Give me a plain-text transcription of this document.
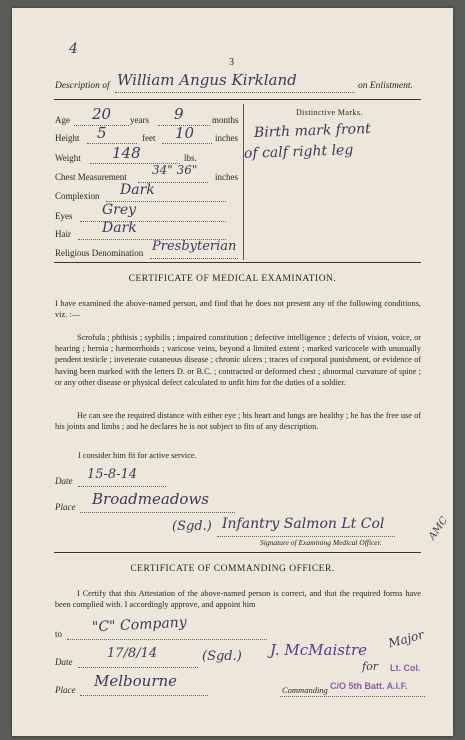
4
3
Description of William Angus Kirkland	on Enlistment.
Age 20 years 9	months
Height 5	feet 10 inches
Weight 148	lbs.
Chest Measurement 34" 36" inches
Complexion Dark
Eyes Grey
Hair Dark
Religious Denomination Presbyterian
Distinctive Marks.
Birth mark front
of calf right leg
CERTIFICATE OF MEDICAL EXAMINATION.
I have examined the above-named person, and find that he does not present any of the following conditions, viz. :—
Scrofula ; phthisis ; syphilis ; impaired constitution ; defective intelligence ; defects of vision, voice, or hearing ; hernia ; hæmorrhoids ; varicose veins, beyond a limited extent ; marked varicocele with unusually pendent testicle ; inveterate cutaneous disease ; chronic ulcers ; traces of corporal punishment, or evidence of having been marked with the letters D. or B.C. ; contracted or deformed chest ; abnormal curvature of spine ; or any other disease or physical defect calculated to unfit him for the duties of a soldier.
He can see the required distance with either eye ; his heart and lungs are healthy ; he has the free use of his joints and limbs ; and he declares he is not subject to fits of any description.
I consider him fit for active service.
Date 15-8-14
Place Broadmeadows
(Sgd.) Infantry Salmon Lt Col	AMC
Signature of Examining Medical Officer.
CERTIFICATE OF COMMANDING OFFICER.
I Certify that this Attestation of the above-named person is correct, and that the required forms have been complied with. I accordingly approve, and appoint him
to "C" Company
Date
17/8/14	(Sgd.) J. McMaistre Major
for Lt. Col.
Place Melbourne	Commanding C/O 5th Batt. A.I.F.
